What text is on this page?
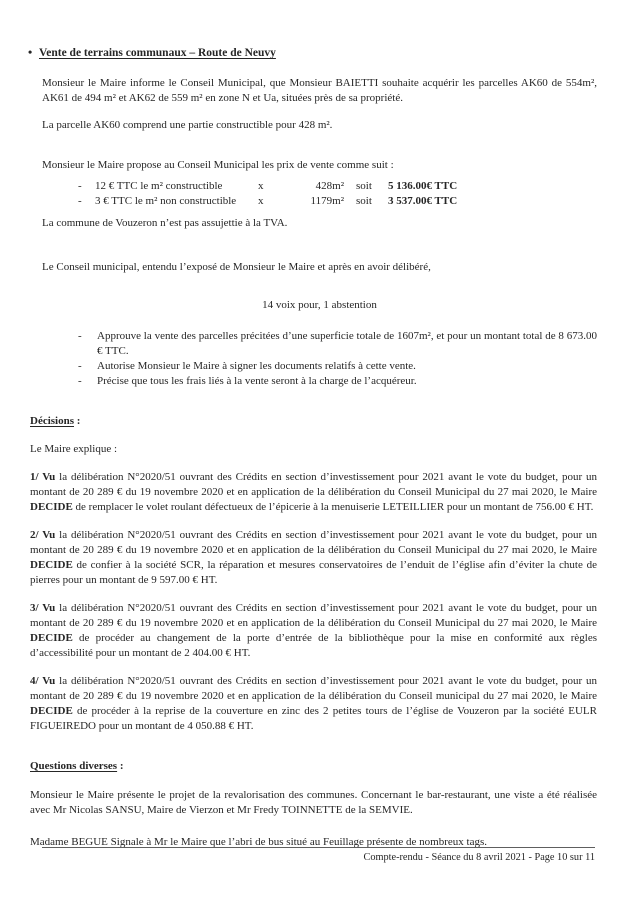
• Vente de terrains communaux – Route de Neuvy

Monsieur le Maire informe le Conseil Municipal, que Monsieur BAIETTI souhaite acquérir les parcelles AK60 de 554m², AK61 de 494 m² et AK62 de 559 m² en zone N et Ua, situées près de sa propriété.

La parcelle AK60 comprend une partie constructible pour 428 m².

Monsieur le Maire propose au Conseil Municipal les prix de vente comme suit :

-	12 € TTC le m² constructible	x	428m² soit	5 136.00€ TTC
-	3 € TTC le m² non constructible	x	1179m² soit	3 537.00€ TTC

La commune de Vouzeron n’est pas assujettie à la TVA.

Le Conseil municipal, entendu l’exposé de Monsieur le Maire et après en avoir délibéré,

14 voix pour, 1 abstention

-	Approuve la vente des parcelles précitées d’une superficie totale de 1607m², et pour un montant total de 8 673.00 € TTC.
-	Autorise Monsieur le Maire à signer les documents relatifs à cette vente.
-	Précise que tous les frais liés à la vente seront à la charge de l’acquéreur.

Décisions :

Le Maire explique :

1/ Vu la délibération N°2020/51 ouvrant des Crédits en section d’investissement pour 2021 avant le vote du budget, pour un montant de 20 289 € du 19 novembre 2020 et en application de la délibération du Conseil Municipal du 27 mai 2020, le Maire DECIDE de remplacer le volet roulant défectueux de l’épicerie à la menuiserie LETEILLIER pour un montant de 756.00 € HT.

2/ Vu la délibération N°2020/51 ouvrant des Crédits en section d’investissement pour 2021 avant le vote du budget, pour un montant de 20 289 € du 19 novembre 2020 et en application de la délibération du Conseil Municipal du 27 mai 2020, le Maire DECIDE de confier à la société SCR, la réparation et mesures conservatoires de l’enduit de l’église afin d’éviter la chute de pierres pour un montant de 9 597.00 € HT.

3/ Vu la délibération N°2020/51 ouvrant des Crédits en section d’investissement pour 2021 avant le vote du budget, pour un montant de 20 289 € du 19 novembre 2020 et en application de la délibération du Conseil Municipal du 27 mai 2020, le Maire DECIDE de procéder au changement de la porte d’entrée de la bibliothèque pour la mise en conformité aux règles d’accessibilité pour un montant de 2 404.00 € HT.

4/ Vu la délibération N°2020/51 ouvrant des Crédits en section d’investissement pour 2021 avant le vote du budget, pour un montant de 20 289 € du 19 novembre 2020 et en application de la délibération du Conseil municipal du 27 mai 2020, le Maire DECIDE de procéder à la reprise de la couverture en zinc des 2 petites tours de l’église de Vouzeron par la société EULR FIGUEIREDO pour un montant de 4 050.88 € HT.

Questions diverses :

Monsieur le Maire présente le projet de la revalorisation des communes. Concernant le bar-restaurant, une viste a été réalisée avec Mr Nicolas SANSU, Maire de Vierzon et Mr Fredy TOINNETTE de la SEMVIE.

Madame BEGUE Signale à Mr le Maire que l’abri de bus situé au Feuillage présente de nombreux tags.

Compte-rendu - Séance du 8 avril 2021 - Page 10 sur 11
